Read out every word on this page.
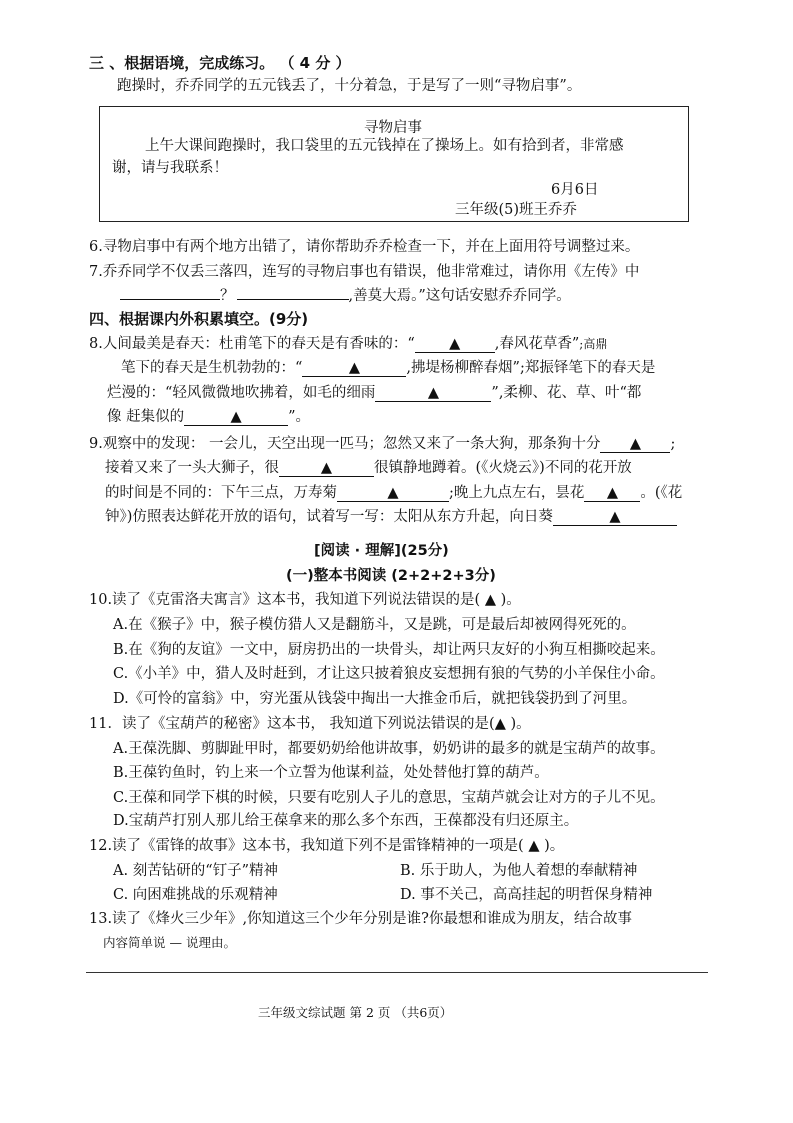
三 、根据语境，完成练习。 （ 4 分 ）
跑操时，乔乔同学的五元钱丢了，十分着急，于是写了一则“寻物启事”。
寻物启事
上午大课间跑操时，我口袋里的五元钱掉在了操场上。如有拾到者，非常感
谢，请与我联系！
6月6日
三年级(5)班王乔乔
6.寻物启事中有两个地方出错了，请你帮助乔乔检查一下，并在上面用符号调整过来。
7.乔乔同学不仅丢三落四，连写的寻物启事也有错误，他非常难过，请你用《左传》中
？	,善莫大焉。”这句话安慰乔乔同学。
四、根据课内外积累填空。(9分)
8.人间最美是春天：杜甫笔下的春天是有香味的：“ ▲ ,春风花草香”;高鼎
笔下的春天是生机勃勃的：“	▲	,拂堤杨柳醉春烟”;郑振铎笔下的春天是
烂漫的：“轻风微微地吹拂着，如毛的细雨	▲	”,柔柳、花、草、叶“都
像 赶集似的	▲	”。
9.观察中的发现： 一会儿，天空出现一匹马；忽然又来了一条大狗，那条狗十分 ▲ ;
接着又来了一头大狮子，很	▲	很镇静地蹲着。(《火烧云》)不同的花开放
的时间是不同的：下午三点，万寿菊	▲	;晚上九点左右，昙花 ▲ 。(《花
钟》)仿照表达鲜花开放的语句，试着写一写：太阳从东方升起，向日葵	▲
[阅读 · 理解](25分)
(一)整本书阅读 (2+2+2+3分)
10.读了《克雷洛夫寓言》这本书，我知道下列说法错误的是( ▲ )。
A.在《猴子》中，猴子模仿猎人又是翻筋斗，又是跳，可是最后却被网得死死的。
B.在《狗的友谊》一文中，厨房扔出的一块骨头，却让两只友好的小狗互相撕咬起来。
C.《小羊》中，猎人及时赶到，才让这只披着狼皮妄想拥有狼的气势的小羊保住小命。
D.《可怜的富翁》中，穷光蛋从钱袋中掏出一大推金币后，就把钱袋扔到了河里。
11．读了《宝葫芦的秘密》这本书， 我知道下列说法错误的是(▲ )。
A.王葆洗脚、剪脚趾甲时，都要奶奶给他讲故事，奶奶讲的最多的就是宝葫芦的故事。
B.王葆钓鱼时，钓上来一个立誓为他谋利益，处处替他打算的葫芦。
C.王葆和同学下棋的时候，只要有吃别人子儿的意思，宝葫芦就会让对方的子儿不见。
D.宝葫芦打别人那儿给王葆拿来的那么多个东西，王葆都没有归还原主。
12.读了《雷锋的故事》这本书，我知道下列不是雷锋精神的一项是( ▲ )。
A. 刻苦钻研的“钉子”精神	B. 乐于助人，为他人着想的奉献精神
C. 向困难挑战的乐观精神	D. 事不关己，高高挂起的明哲保身精神
13.读了《烽火三少年》,你知道这三个少年分别是谁?你最想和谁成为朋友，结合故事
内容简单说 — 说理由。
三年级文综试题 第 2 页 （共6页）
